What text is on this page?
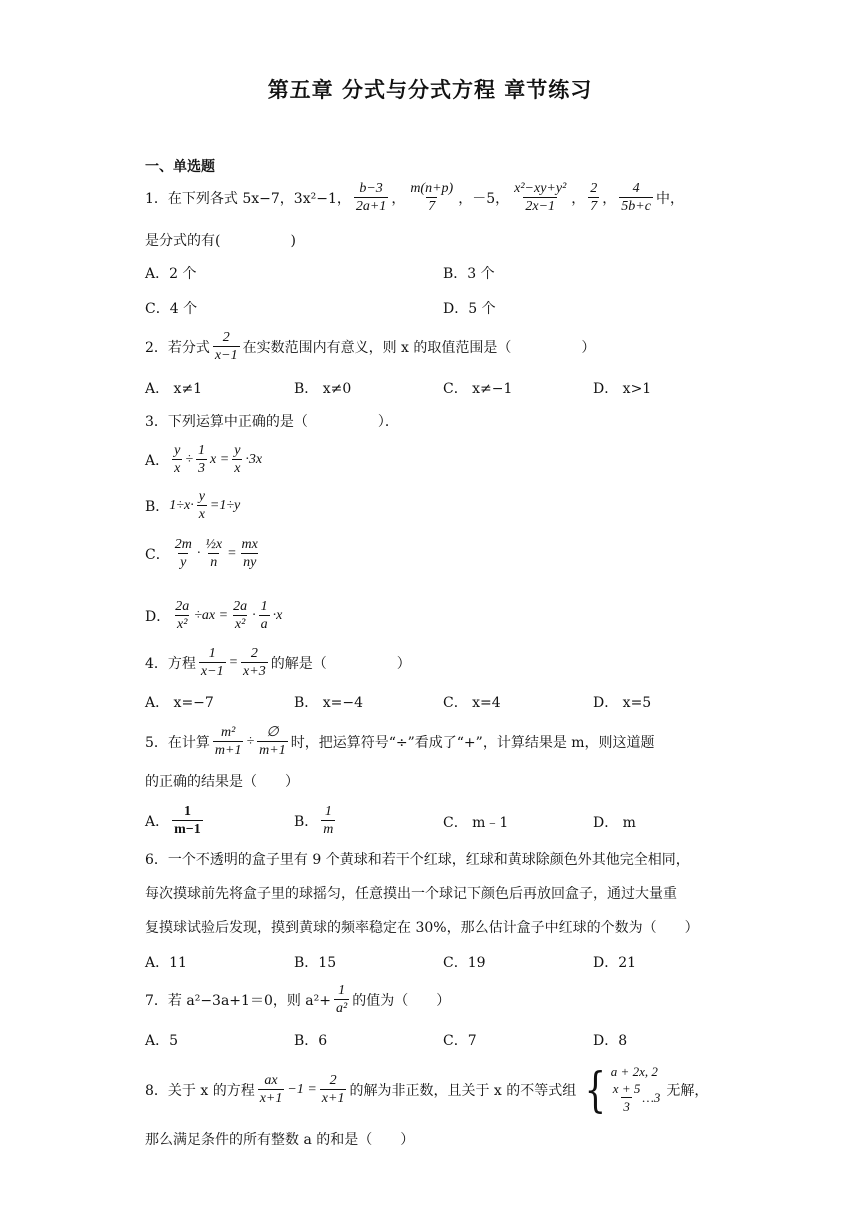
第五章 分式与分式方程 章节练习
一、单选题
1．在下列各式 5x−7，3x²−1， $\frac{b-3}{2a+1}$ ， $\frac{m(n+p)}{7}$ ，－5， $\frac{\text{x²−xy+y²}}{2x-1}$ ， $\frac{2}{7}$ ， $\frac{4}{5b+c}$ 中，
是分式的有(　　　　　)
A．2 个	B．3 个
C．4 个	D．5 个
2．若分式 $\frac{2}{x-1}$ 在实数范围内有意义，则 x 的取值范围是（　　　　　）
A． x≠1	B． x≠0	C． x≠−1	D． x>1
3．下列运算中正确的是（　　　　　）．
A． $\frac{y}{x} \div \frac{1}{3}$ $x = \frac{y}{x} \cdot 3x$
B． $1\div x\cdot \frac{y}{x} =1\div y$
C． $\frac{2m}{y} \cdot \frac{\text{½x}}{n} = \frac{mx}{ny}$
D． $\frac{2a}{\text{x²}} \div ax = \frac{2a}{\text{x²}} \cdot \frac{1}{a} \cdot x$
4．方程 $\frac{1}{x-1} = \frac{2}{x+3}$ 的解是（　　　　　）
A． x=−7	B． x=−4	C． x=4	D． x=5
5．在计算 $\frac{\text{m²}}{m+1} \div \frac{\emptyset}{m+1}$ 时，把运算符号“÷”看成了“+”，计算结果是 m，则这道题
的正确的结果是（　　）
A． $\frac{1}{m-1}$	B． $\frac{1}{m}$	C． m﹣1	D． m
6．一个不透明的盒子里有 9 个黄球和若干个红球，红球和黄球除颜色外其他完全相同，
每次摸球前先将盒子里的球摇匀，任意摸出一个球记下颜色后再放回盒子，通过大量重
复摸球试验后发现，摸到黄球的频率稳定在 30%，那么估计盒子中红球的个数为（　　）
A．11	B．15	C．19	D．21
7．若 a²−3a+1＝0，则 $a^2+ \frac{1}{\text{a²}}$ 的值为（　　）
A．5	B．6	C．7	D．8
8．关于 x 的方程 $\frac{ax}{x+1} -1 = \frac{2}{x+1}$ 的解为非正数，且关于 x 的不等式组 { a + 2x, 2
$\frac{x + 5}{3}$ …3 无解，
那么满足条件的所有整数 a 的和是（　　）
